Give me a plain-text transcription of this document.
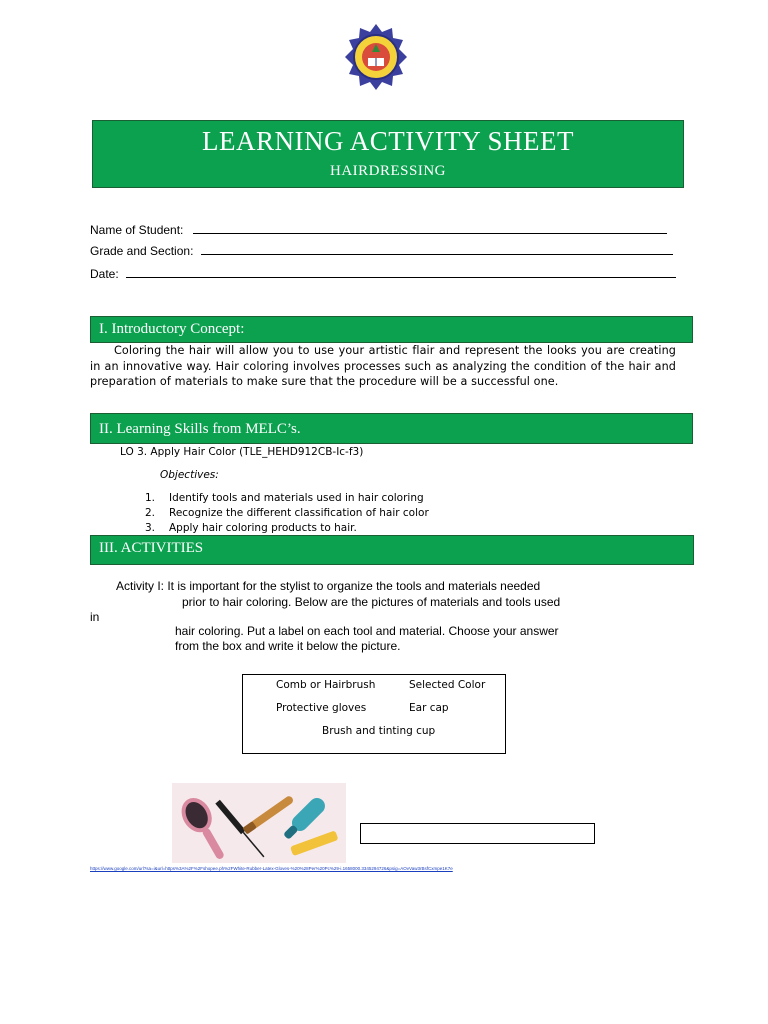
LEARNING ACTIVITY SHEET
HAIRDRESSING
Name of Student:
Grade and Section:
Date:
I. Introductory Concept:
Coloring the hair will allow you to use your artistic flair and represent the looks you are creating in an innovative way. Hair coloring involves processes such as analyzing the condition of the hair and preparation of materials to make sure that the procedure will be a successful one.
II. Learning Skills from MELC’s.
LO 3. Apply Hair Color (TLE_HEHD912CB-Ic-f3)
Objectives:
1. Identify tools and materials used in hair coloring
2. Recognize the different classification of hair color
3. Apply hair coloring products to hair.
III. ACTIVITIES
Activity I: It is important for the stylist to organize the tools and materials needed
prior to hair coloring. Below are the pictures of materials and tools used
in
hair coloring. Put a label on each tool and material. Choose your answer
from the box and write it below the picture.
Comb or Hairbrush	Selected Color
Protective gloves	Ear cap
Brush and tinting cup
https://www.google.com/url?sa=i&url=https%3A%2F%2Fshopee.ph%2FWhite-Rubber-Latex-Gloves-%20%28Per%20Pc%29-i.1658000.3345294726&psig=AOvVaw3rBsfCxmpe1K7e
